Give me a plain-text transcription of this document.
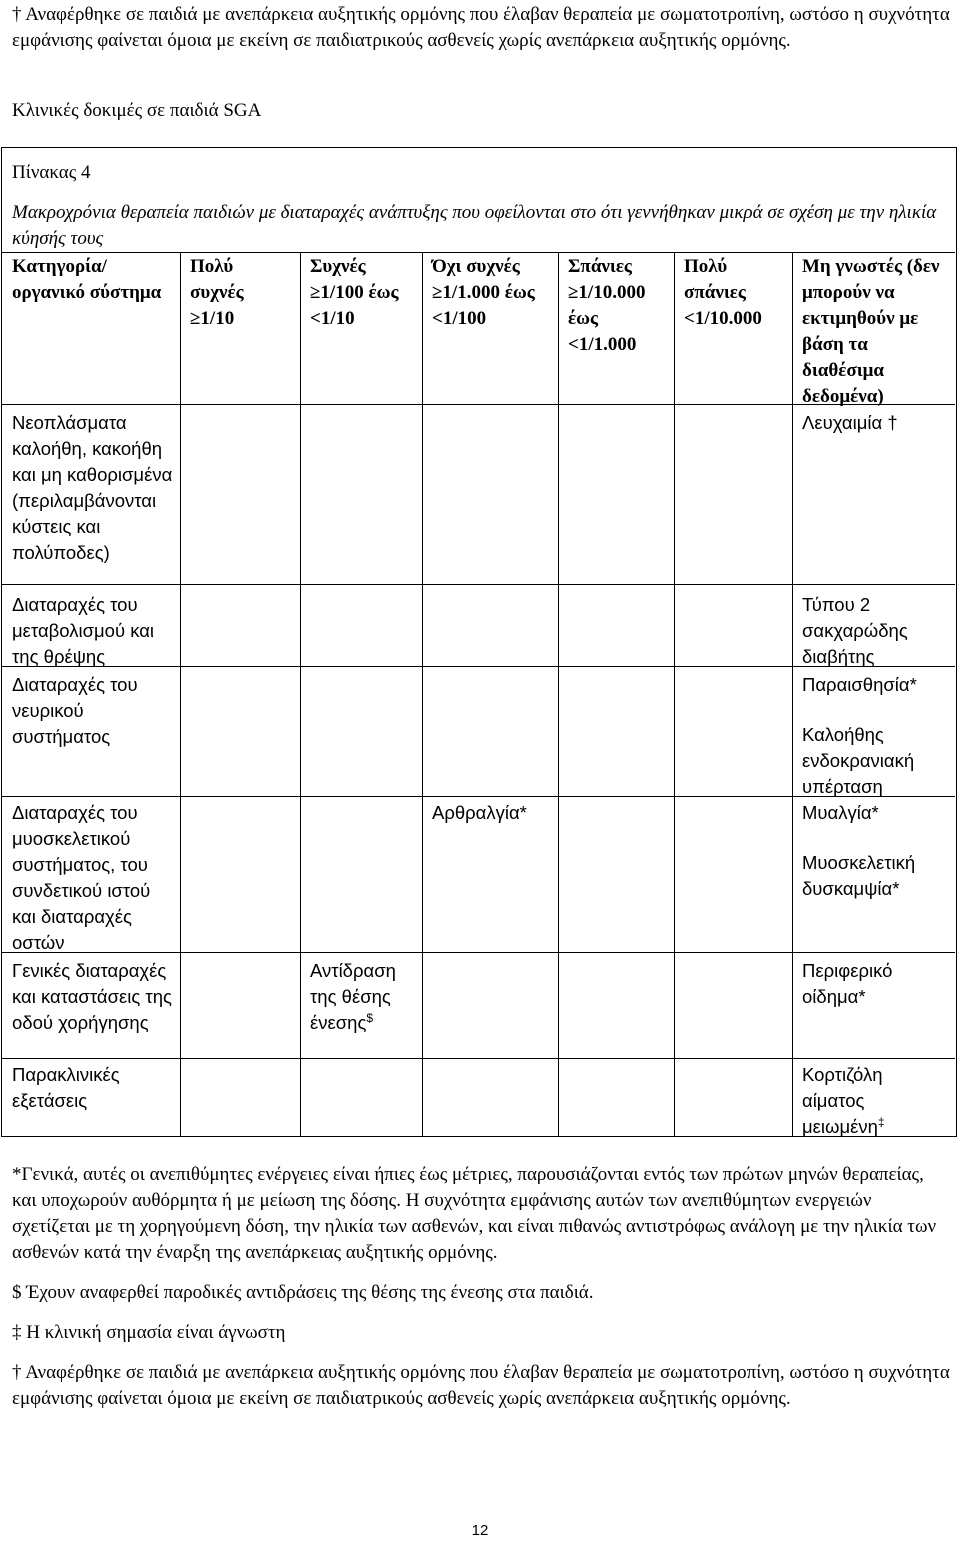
† Αναφέρθηκε σε παιδιά με ανεπάρκεια αυξητικής ορμόνης που έλαβαν θεραπεία με σωματοτροπίνη, ωστόσο η συχνότητα εμφάνισης φαίνεται όμοια με εκείνη σε παιδιατρικούς ασθενείς χωρίς ανεπάρκεια αυξητικής ορμόνης.

Κλινικές δοκιμές σε παιδιά SGA

Πίνακας 4

Μακροχρόνια θεραπεία παιδιών με διαταραχές ανάπτυξης που οφείλονται στο ότι γεννήθηκαν μικρά σε σχέση με την ηλικία κύησής τους

Κατηγορία/ οργανικό σύστημα
Πολύ συχνές ≥1/10
Συχνές ≥1/100 έως <1/10
Όχι συχνές ≥1/1.000 έως <1/100
Σπάνιες ≥1/10.000 έως <1/1.000
Πολύ σπάνιες <1/10.000
Μη γνωστές (δεν μπορούν να εκτιμηθούν με βάση τα διαθέσιμα δεδομένα)
Νεοπλάσματα καλοήθη, κακοήθη και μη καθορισμένα (περιλαμβάνονται κύστεις και πολύποδες)
Λευχαιμία †
Διαταραχές του μεταβολισμού και της θρέψης
Τύπου 2 σακχαρώδης διαβήτης
Διαταραχές του νευρικού συστήματος
Παραισθησία*
Καλοήθης ενδοκρανιακή υπέρταση
Διαταραχές του μυοσκελετικού συστήματος, του συνδετικού ιστού και διαταραχές οστών
Αρθραλγία*	Μυαλγία*
Μυοσκελετική δυσκαμψία*
Γενικές διαταραχές και καταστάσεις της οδού χορήγησης
Αντίδραση της θέσης ένεσης$
Περιφερικό οίδημα*
Παρακλινικές εξετάσεις
Κορτιζόλη αίματος μειωμένη‡

*Γενικά, αυτές οι ανεπιθύμητες ενέργειες είναι ήπιες έως μέτριες, παρουσιάζονται εντός των πρώτων μηνών θεραπείας, και υποχωρούν αυθόρμητα ή με μείωση της δόσης. Η συχνότητα εμφάνισης αυτών των ανεπιθύμητων ενεργειών σχετίζεται με τη χορηγούμενη δόση, την ηλικία των ασθενών, και είναι πιθανώς αντιστρόφως ανάλογη με την ηλικία των ασθενών κατά την έναρξη της ανεπάρκειας αυξητικής ορμόνης.

$ Έχουν αναφερθεί παροδικές αντιδράσεις της θέσης της ένεσης στα παιδιά.

‡ Η κλινική σημασία είναι άγνωστη

† Αναφέρθηκε σε παιδιά με ανεπάρκεια αυξητικής ορμόνης που έλαβαν θεραπεία με σωματοτροπίνη, ωστόσο η συχνότητα εμφάνισης φαίνεται όμοια με εκείνη σε παιδιατρικούς ασθενείς χωρίς ανεπάρκεια αυξητικής ορμόνης.

12
